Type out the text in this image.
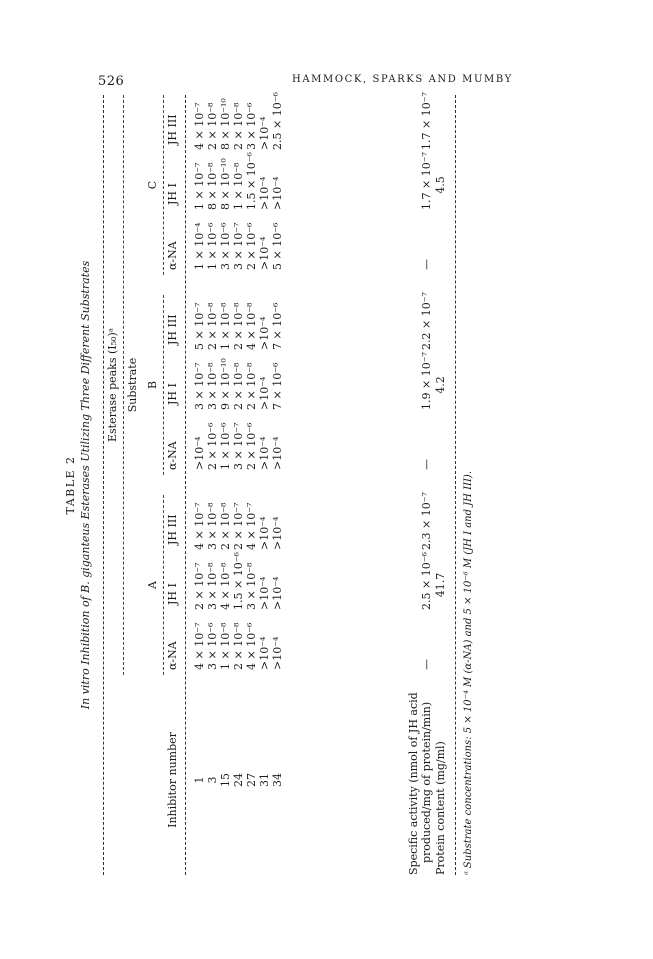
526	HAMMOCK, SPARKS AND MUMBY
TABLE 2 In vitro Inhibition of B. giganteus Esterases Utilizing Three Different Substrates Esterase peaks (I₅₀)ᵃ Substrate
A
B
C
Inhibitor number
α-NA
JH I
JH III
α-NA
JH I
JH III
α-NA
JH I
JH III
1
4 × 10⁻⁷
2 × 10⁻⁷
4 × 10⁻⁷
>10⁻⁴
3 × 10⁻⁷
5 × 10⁻⁷
1 × 10⁻⁴
1 × 10⁻⁷
4 × 10⁻⁷
3
3 × 10⁻⁶
3 × 10⁻⁸
3 × 10⁻⁸
2 × 10⁻⁶
3 × 10⁻⁸
2 × 10⁻⁸
1 × 10⁻⁶
8 × 10⁻⁸
2 × 10⁻⁸
15
1 × 10⁻⁸
4 × 10⁻⁸
2 × 10⁻⁸
1 × 10⁻⁶
9 × 10⁻¹⁰
1 × 10⁻⁸
3 × 10⁻⁶
8 × 10⁻¹⁰
8 × 10⁻¹⁰
24
2 × 10⁻⁸
1.5 × 10⁻⁶
2 × 10⁻⁷
3 × 10⁻⁷
2 × 10⁻⁸
2 × 10⁻⁸
3 × 10⁻⁷
1 × 10⁻⁸
2 × 10⁻⁸
27
4 × 10⁻⁶
3 × 10⁻⁸
4 × 10⁻⁷
2 × 10⁻⁶
2 × 10⁻⁸
4 × 10⁻⁸
2 × 10⁻⁶
1.5 × 10⁻⁶
3 × 10⁻⁶
31
>10⁻⁴
>10⁻⁴
>10⁻⁴
>10⁻⁴
>10⁻⁴
>10⁻⁴
>10⁻⁴
>10⁻⁴
>10⁻⁴
34
>10⁻⁴
>10⁻⁴
>10⁻⁴
>10⁻⁴
7 × 10⁻⁶
7 × 10⁻⁶
5 × 10⁻⁶
>10⁻⁴
2.5 × 10⁻⁶
Specific activity (nmol of JH acid produced/mg of protein/min)
—
2.5 × 10⁻⁶
2.3 × 10⁻⁷
—
1.9 × 10⁻⁷
2.2 × 10⁻⁷
—
1.7 × 10⁻⁷
1.7 × 10⁻⁷
Protein content (mg/ml)
41.7
4.2
4.5
ᵃ Substrate concentrations: 5 × 10⁻⁴ M (α-NA) and 5 × 10⁻⁶ M (JH I and JH III).
